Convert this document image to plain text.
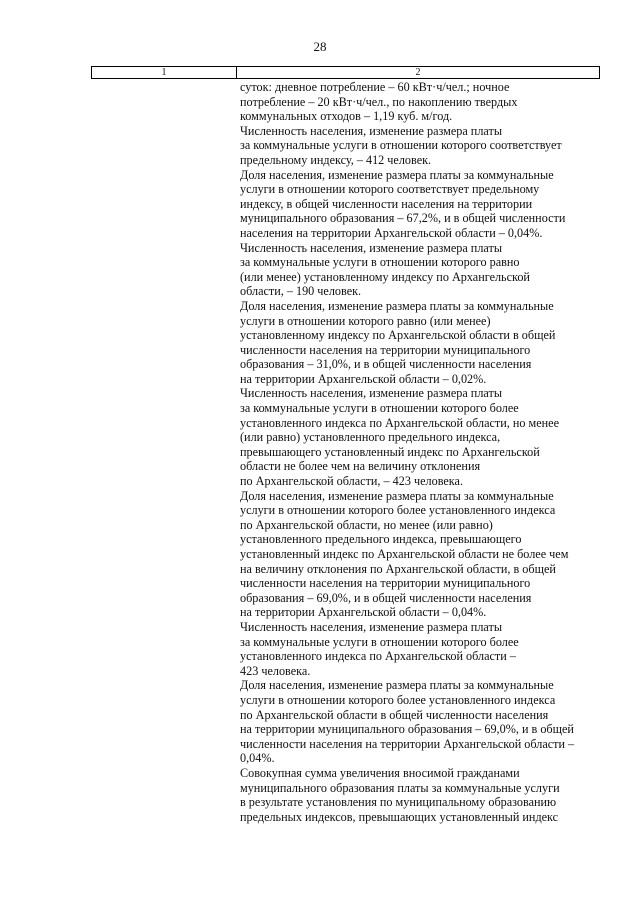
28
1	2
суток: дневное потребление – 60 кВт·ч/чел.; ночное
потребление – 20 кВт·ч/чел., по накоплению твердых
коммунальных отходов – 1,19 куб. м/год.
Численность населения, изменение размера платы
за коммунальные услуги в отношении которого соответствует
предельному индексу, – 412 человек.
Доля населения, изменение размера платы за коммунальные
услуги в отношении которого соответствует предельному
индексу, в общей численности населения на территории
муниципального образования – 67,2%, и в общей численности
населения на территории Архангельской области – 0,04%.
Численность населения, изменение размера платы
за коммунальные услуги в отношении которого равно
(или менее) установленному индексу по Архангельской
области, – 190 человек.
Доля населения, изменение размера платы за коммунальные
услуги в отношении которого равно (или менее)
установленному индексу по Архангельской области в общей
численности населения на территории муниципального
образования – 31,0%, и в общей численности населения
на территории Архангельской области – 0,02%.
Численность населения, изменение размера платы
за коммунальные услуги в отношении которого более
установленного индекса по Архангельской области, но менее
(или равно) установленного предельного индекса,
превышающего установленный индекс по Архангельской
области не более чем на величину отклонения
по Архангельской области, – 423 человека.
Доля населения, изменение размера платы за коммунальные
услуги в отношении которого более установленного индекса
по Архангельской области, но менее (или равно)
установленного предельного индекса, превышающего
установленный индекс по Архангельской области не более чем
на величину отклонения по Архангельской области, в общей
численности населения на территории муниципального
образования – 69,0%, и в общей численности населения
на территории Архангельской области – 0,04%.
Численность населения, изменение размера платы
за коммунальные услуги в отношении которого более
установленного индекса по Архангельской области –
423 человека.
Доля населения, изменение размера платы за коммунальные
услуги в отношении которого более установленного индекса
по Архангельской области в общей численности населения
на территории муниципального образования – 69,0%, и в общей
численности населения на территории Архангельской области –
0,04%.
Совокупная сумма увеличения вносимой гражданами
муниципального образования платы за коммунальные услуги
в результате установления по муниципальному образованию
предельных индексов, превышающих установленный индекс
